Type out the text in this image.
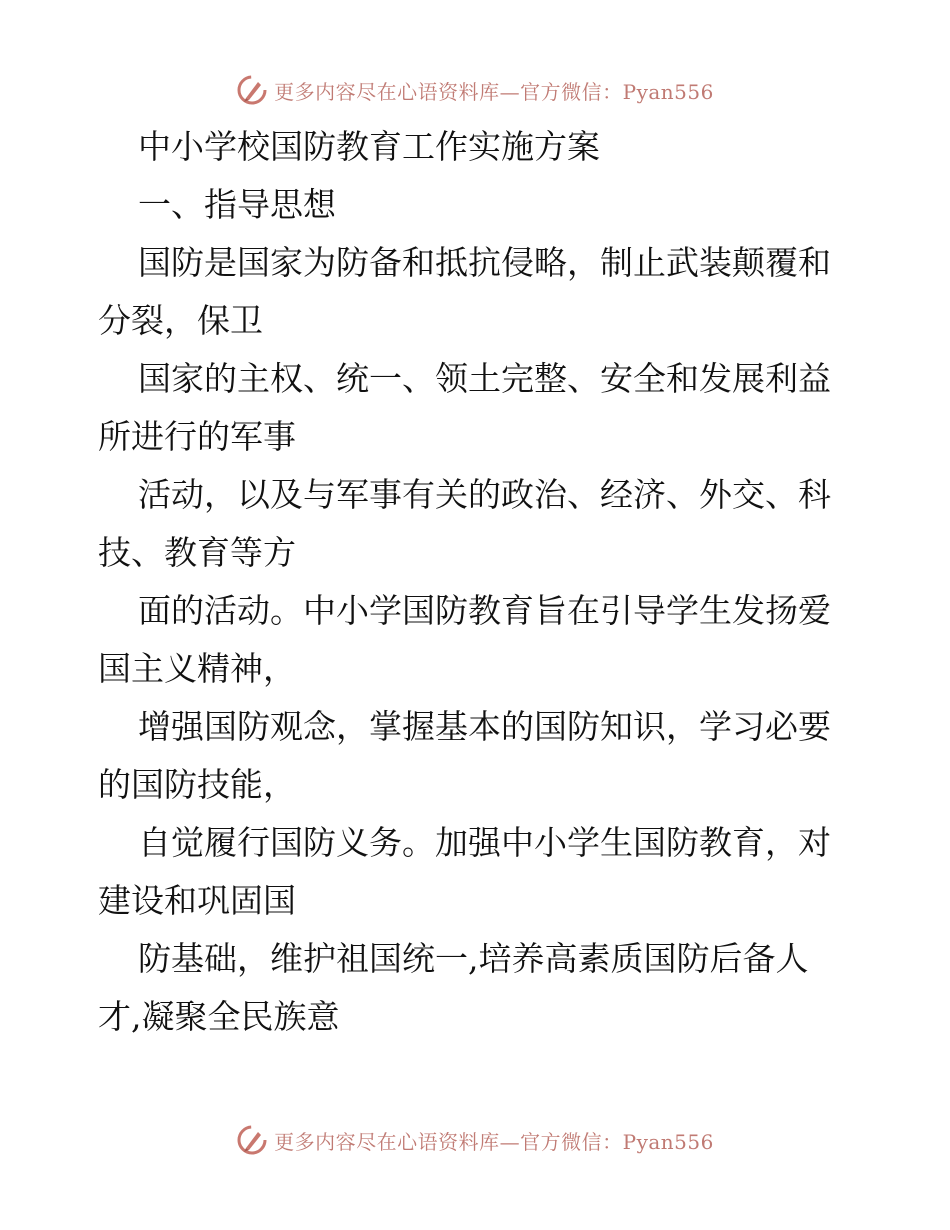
更多内容尽在心语资料库—官方微信：Pyan556
中小学校国防教育工作实施方案
一、指导思想
国防是国家为防备和抵抗侵略，制止武装颠覆和
分裂，保卫
国家的主权、统一、领土完整、安全和发展利益
所进行的军事
活动，以及与军事有关的政治、经济、外交、科
技、教育等方
面的活动。中小学国防教育旨在引导学生发扬爱
国主义精神，
增强国防观念，掌握基本的国防知识，学习必要
的国防技能，
自觉履行国防义务。加强中小学生国防教育，对
建设和巩固国
防基础，维护祖国统一,培养高素质国防后备人
才,凝聚全民族意
更多内容尽在心语资料库—官方微信：Pyan556
